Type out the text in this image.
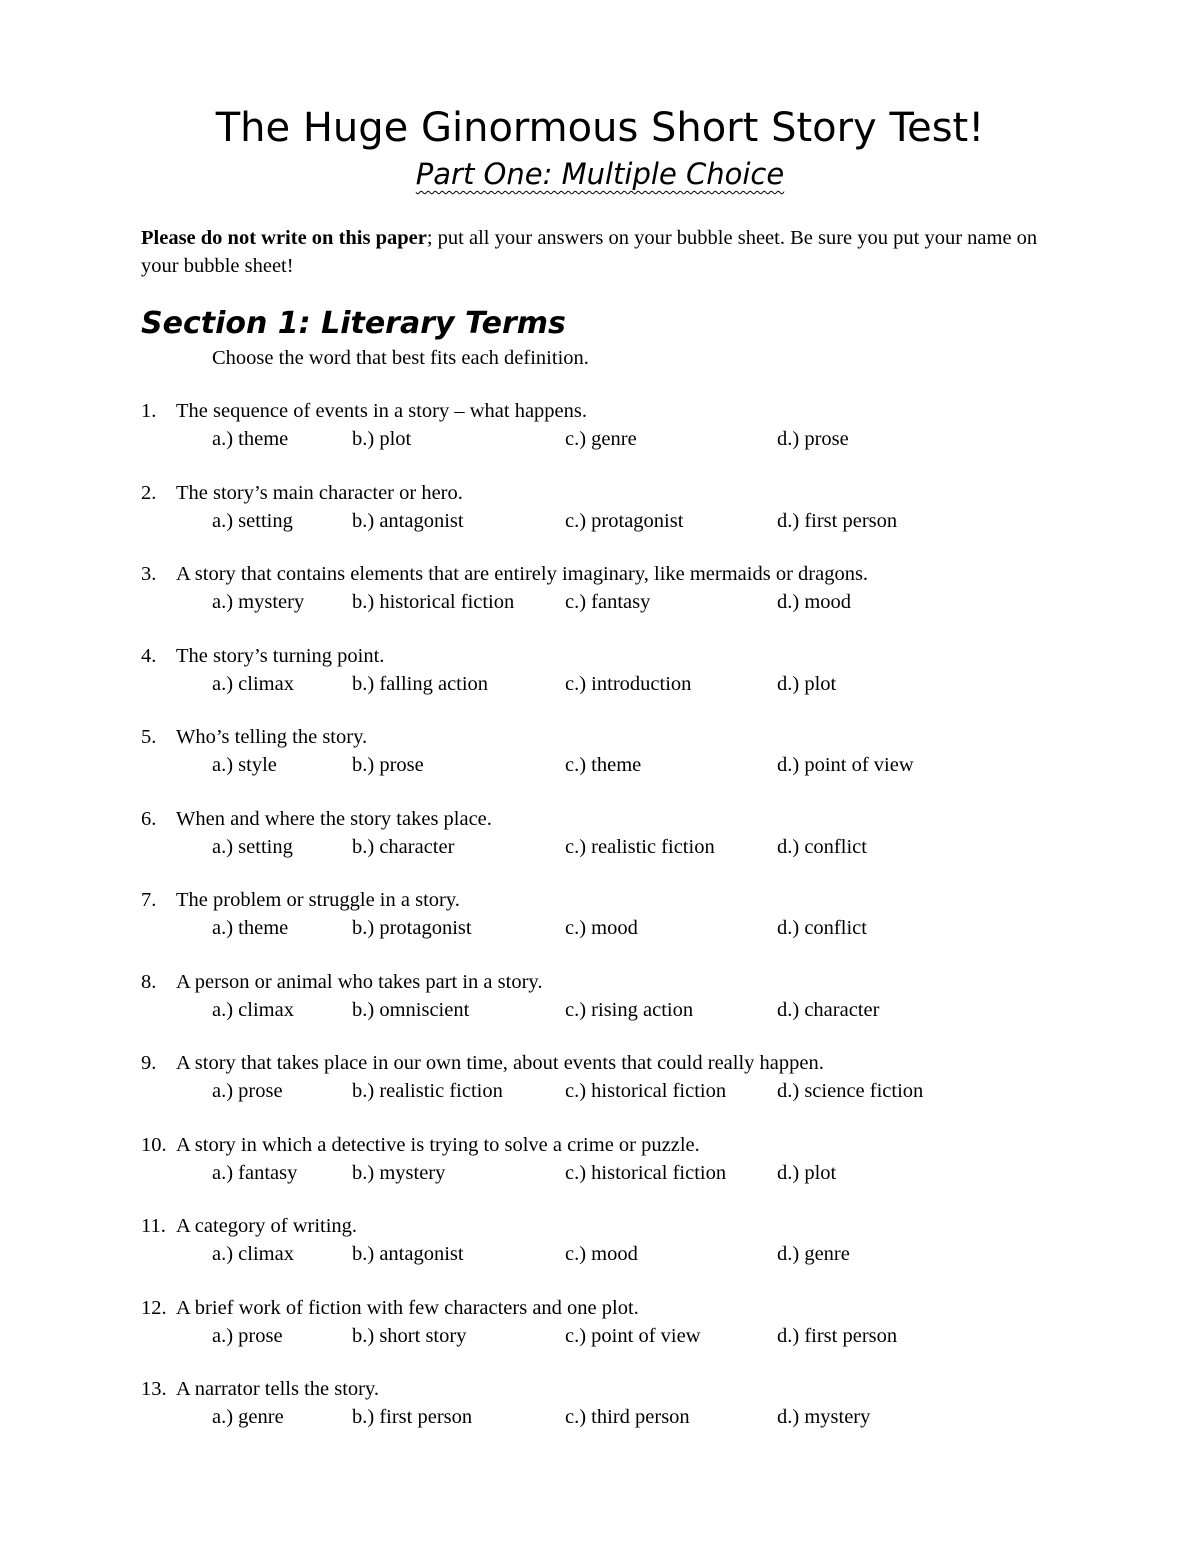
The Huge Ginormous Short Story Test!
Part One: Multiple Choice

Please do not write on this paper; put all your answers on your bubble sheet. Be sure you put your name on your bubble sheet!

Section 1: Literary Terms

Choose the word that best fits each definition.

1. The sequence of events in a story – what happens.
a.) theme	b.) plot	c.) genre	d.) prose
2. The story’s main character or hero.
a.) setting	b.) antagonist	c.) protagonist	d.) first person
3. A story that contains elements that are entirely imaginary, like mermaids or dragons.
a.) mystery b.) historical fiction c.) fantasy	d.) mood
4. The story’s turning point.
a.) climax	b.) falling action	c.) introduction	d.) plot
5. Who’s telling the story.
a.) style	b.) prose	c.) theme	d.) point of view
6. When and where the story takes place.
a.) setting	b.) character	c.) realistic fiction	d.) conflict
7. The problem or struggle in a story.
a.) theme	b.) protagonist	c.) mood	d.) conflict
8. A person or animal who takes part in a story.
a.) climax	b.) omniscient	c.) rising action	d.) character
9. A story that takes place in our own time, about events that could really happen.
a.) prose	b.) realistic fiction	c.) historical fiction d.) science fiction
10. A story in which a detective is trying to solve a crime or puzzle.
a.) fantasy	b.) mystery	c.) historical fiction d.) plot
11. A category of writing.
a.) climax	b.) antagonist	c.) mood	d.) genre
12. A brief work of fiction with few characters and one plot.
a.) prose	b.) short story	c.) point of view	d.) first person
13. A narrator tells the story.
a.) genre	b.) first person	c.) third person	d.) mystery
